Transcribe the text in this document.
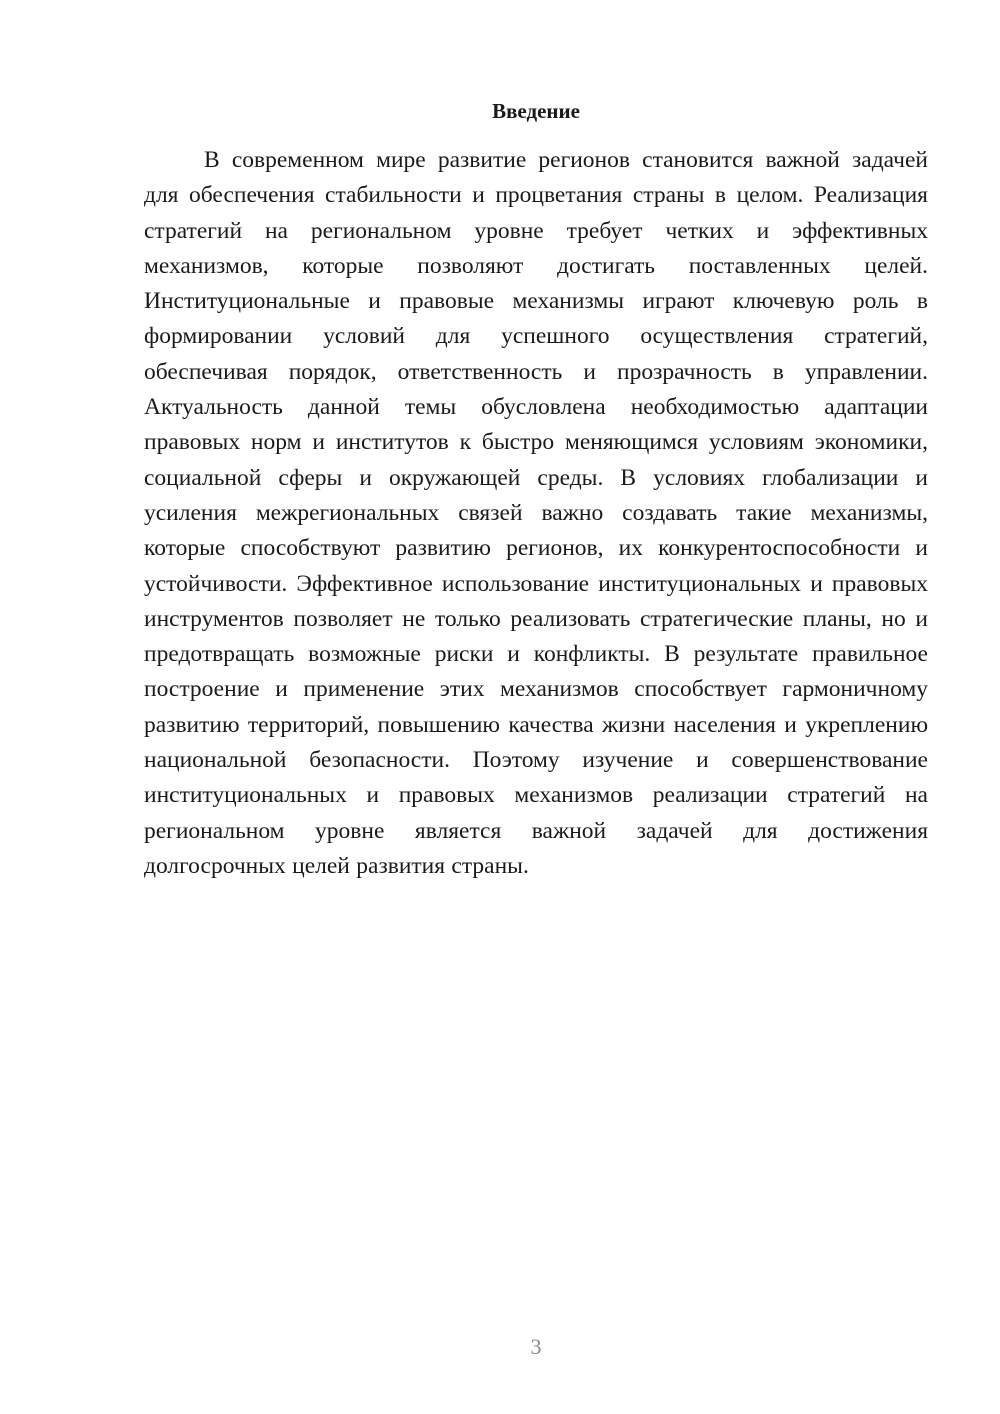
Введение

В современном мире развитие регионов становится важной задачей для обеспечения стабильности и процветания страны в целом. Реализация стратегий на региональном уровне требует четких и эффективных механизмов, которые позволяют достигать поставленных целей. Институциональные и правовые механизмы играют ключевую роль в формировании условий для успешного осуществления стратегий, обеспечивая порядок, ответственность и прозрачность в управлении. Актуальность данной темы обусловлена необходимостью адаптации правовых норм и институтов к быстро меняющимся условиям экономики, социальной сферы и окружающей среды. В условиях глобализации и усиления межрегиональных связей важно создавать такие механизмы, которые способствуют развитию регионов, их конкурентоспособности и устойчивости. Эффективное использование институциональных и правовых инструментов позволяет не только реализовать стратегические планы, но и предотвращать возможные риски и конфликты. В результате правильное построение и применение этих механизмов способствует гармоничному развитию территорий, повышению качества жизни населения и укреплению национальной безопасности. Поэтому изучение и совершенствование институциональных и правовых механизмов реализации стратегий на региональном уровне является важной задачей для достижения долгосрочных целей развития страны.

3
